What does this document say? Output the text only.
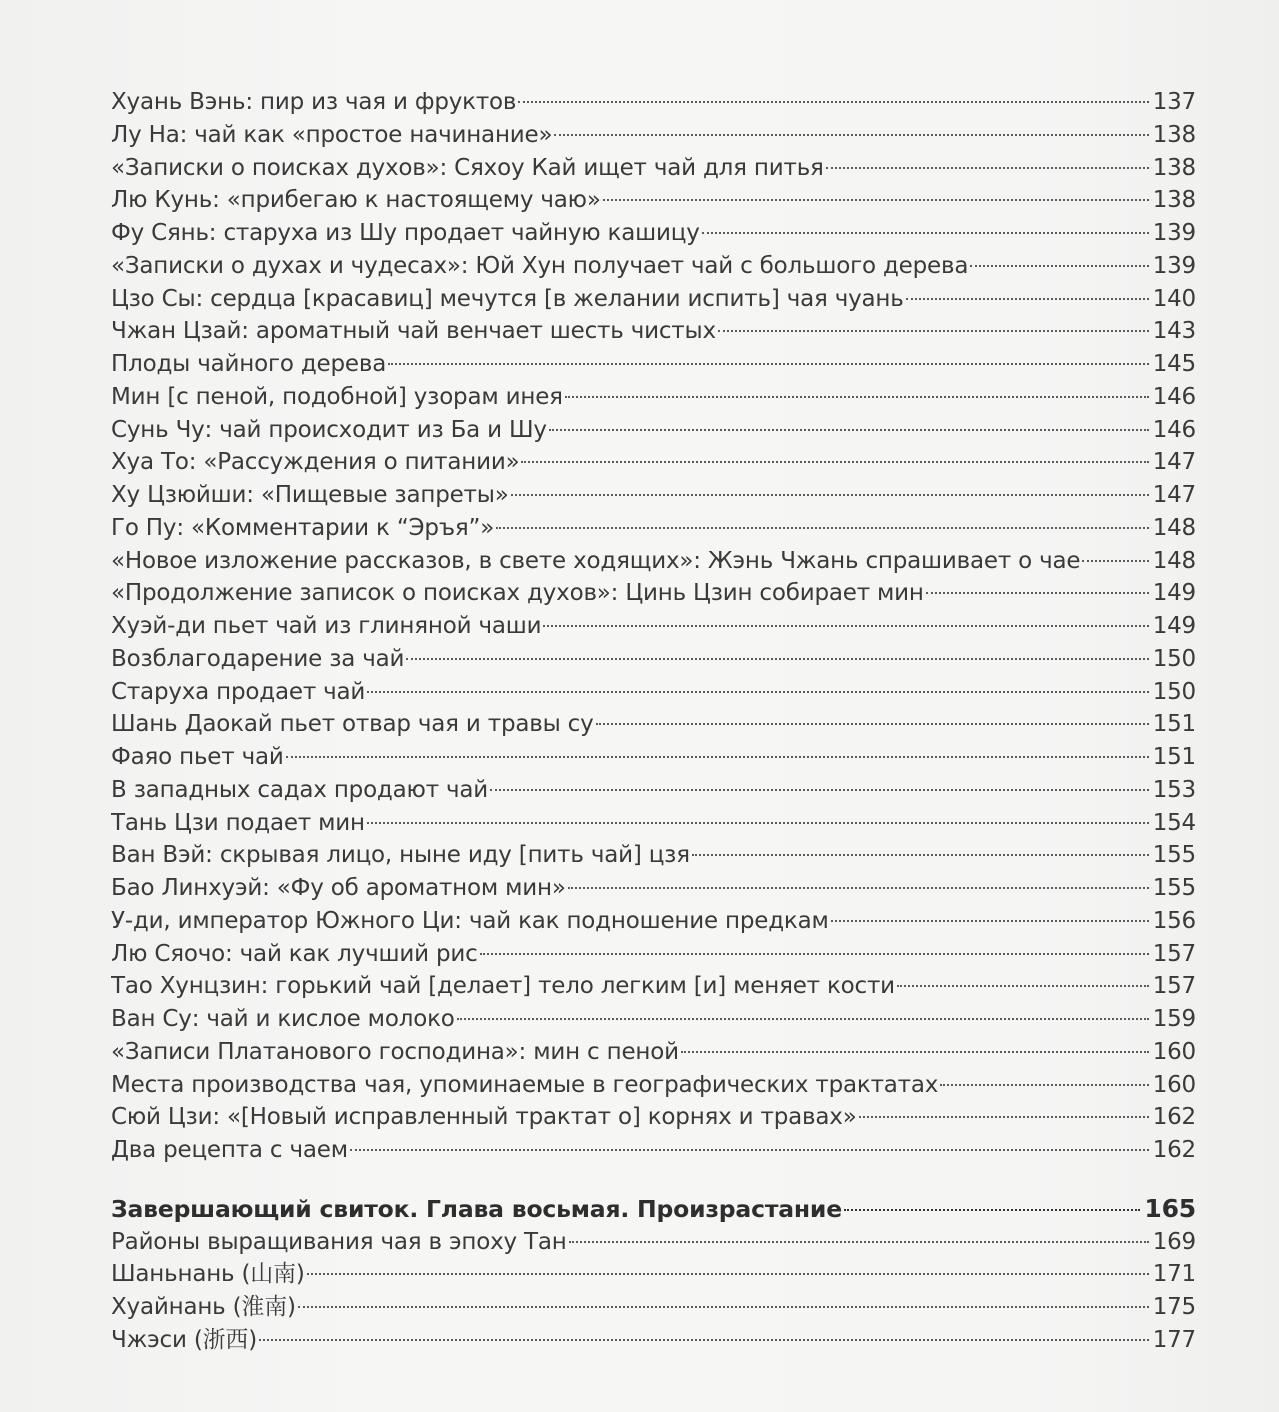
Хуань Вэнь: пир из чая и фруктов	137
Лу На: чай как «простое начинание»	138
«Записки о поисках духов»: Сяхоу Кай ищет чай для питья	138
Лю Кунь: «прибегаю к настоящему чаю»	138
Фу Сянь: старуха из Шу продает чайную кашицу	139
«Записки о духах и чудесах»: Юй Хун получает чай с большого дерева	139
Цзо Сы: сердца [красавиц] мечутся [в желании испить] чая чуань	140
Чжан Цзай: ароматный чай венчает шесть чистых	143
Плоды чайного дерева	145
Мин [с пеной, подобной] узорам инея	146
Сунь Чу: чай происходит из Ба и Шу	146
Хуа То: «Рассуждения о питании»	147
Ху Цзюйши: «Пищевые запреты»	147
Го Пу: «Комментарии к “Эръя”»	148
«Новое изложение рассказов, в свете ходящих»: Жэнь Чжань спрашивает о чае	148
«Продолжение записок о поисках духов»: Цинь Цзин собирает мин	149
Хуэй-ди пьет чай из глиняной чаши	149
Возблагодарение за чай	150
Старуха продает чай	150
Шань Даокай пьет отвар чая и травы су	151
Фаяо пьет чай	151
В западных садах продают чай	153
Тань Цзи подает мин	154
Ван Вэй: скрывая лицо, ныне иду [пить чай] цзя	155
Бао Линхуэй: «Фу об ароматном мин»	155
У-ди, император Южного Ци: чай как подношение предкам	156
Лю Сяочо: чай как лучший рис	157
Тао Хунцзин: горький чай [делает] тело легким [и] меняет кости	157
Ван Су: чай и кислое молоко	159
«Записи Платанового господина»: мин с пеной	160
Места производства чая, упоминаемые в географических трактатах	160
Сюй Цзи: «[Новый исправленный трактат о] корнях и травах»	162
Два рецепта с чаем	162
Завершающий свиток. Глава восьмая. Произрастание	165
Районы выращивания чая в эпоху Тан	169
Шаньнань (山南)	171
Хуайнань (淮南)	175
Чжэси (浙西)	177
